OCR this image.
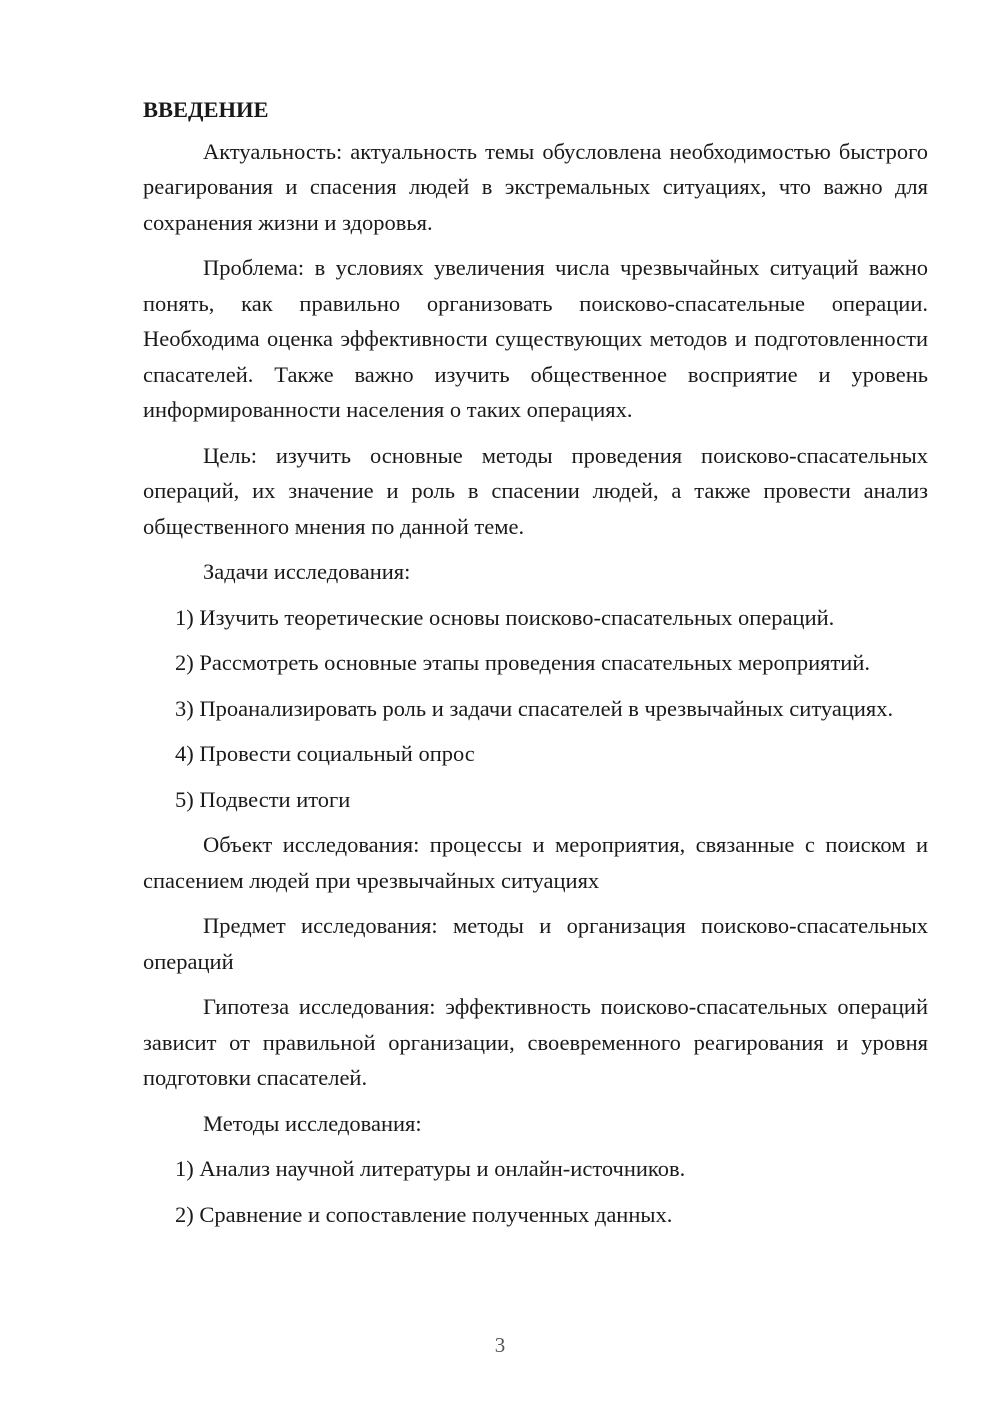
ВВЕДЕНИЕ

Актуальность: актуальность темы обусловлена необходимостью быстрого реагирования и спасения людей в экстремальных ситуациях, что важно для сохранения жизни и здоровья.

Проблема: в условиях увеличения числа чрезвычайных ситуаций важно понять, как правильно организовать поисково-спасательные операции. Необходима оценка эффективности существующих методов и подготовленности спасателей. Также важно изучить общественное восприятие и уровень информированности населения о таких операциях.

Цель: изучить основные методы проведения поисково-спасательных операций, их значение и роль в спасении людей, а также провести анализ общественного мнения по данной теме.

Задачи исследования:

1) Изучить теоретические основы поисково-спасательных операций.

2) Рассмотреть основные этапы проведения спасательных мероприятий.

3) Проанализировать роль и задачи спасателей в чрезвычайных ситуациях.

4) Провести социальный опрос

5) Подвести итоги

Объект исследования: процессы и мероприятия, связанные с поиском и спасением людей при чрезвычайных ситуациях

Предмет исследования: методы и организация поисково-спасательных операций

Гипотеза исследования: эффективность поисково-спасательных операций зависит от правильной организации, своевременного реагирования и уровня подготовки спасателей.

Методы исследования:

1) Анализ научной литературы и онлайн-источников.

2) Сравнение и сопоставление полученных данных.

3
